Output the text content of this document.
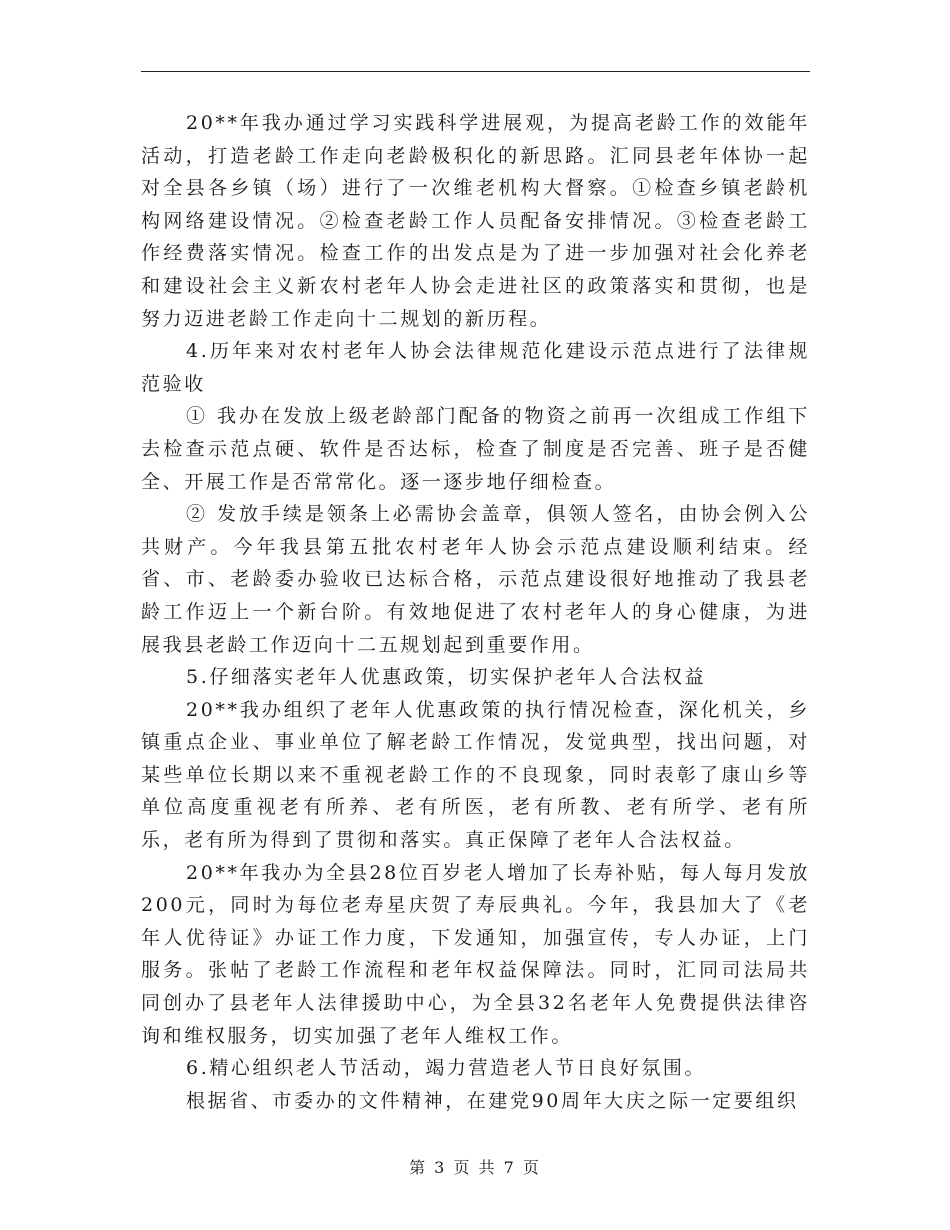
20**年我办通过学习实践科学进展观，为提高老龄工作的效能年活动，打造老龄工作走向老龄极积化的新思路。汇同县老年体协一起对全县各乡镇（场）进行了一次维老机构大督察。①检查乡镇老龄机构网络建设情况。②检查老龄工作人员配备安排情况。③检查老龄工作经费落实情况。检查工作的出发点是为了进一步加强对社会化养老和建设社会主义新农村老年人协会走进社区的政策落实和贯彻，也是努力迈进老龄工作走向十二规划的新历程。

4.历年来对农村老年人协会法律规范化建设示范点进行了法律规范验收

① 我办在发放上级老龄部门配备的物资之前再一次组成工作组下去检查示范点硬、软件是否达标，检查了制度是否完善、班子是否健全、开展工作是否常常化。逐一逐步地仔细检查。

② 发放手续是领条上必需协会盖章，俱领人签名，由协会例入公共财产。今年我县第五批农村老年人协会示范点建设顺利结束。经省、市、老龄委办验收已达标合格，示范点建设很好地推动了我县老龄工作迈上一个新台阶。有效地促进了农村老年人的身心健康，为进展我县老龄工作迈向十二五规划起到重要作用。

5.仔细落实老年人优惠政策，切实保护老年人合法权益

20**我办组织了老年人优惠政策的执行情况检查，深化机关，乡镇重点企业、事业单位了解老龄工作情况，发觉典型，找出问题，对某些单位长期以来不重视老龄工作的不良现象，同时表彰了康山乡等单位高度重视老有所养、老有所医，老有所教、老有所学、老有所乐，老有所为得到了贯彻和落实。真正保障了老年人合法权益。

20**年我办为全县28位百岁老人增加了长寿补贴，每人每月发放200元，同时为每位老寿星庆贺了寿辰典礼。今年，我县加大了《老年人优待证》办证工作力度，下发通知，加强宣传，专人办证，上门服务。张帖了老龄工作流程和老年权益保障法。同时，汇同司法局共同创办了县老年人法律援助中心，为全县32名老年人免费提供法律咨询和维权服务，切实加强了老年人维权工作。

6.精心组织老人节活动，竭力营造老人节日良好氛围。

根据省、市委办的文件精神，在建党90周年大庆之际一定要组织

第 3 页 共 7 页
